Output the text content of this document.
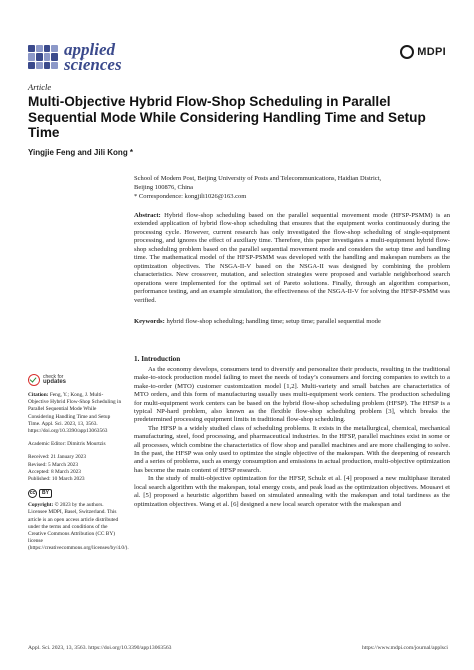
applied
sciences
MDPI
Article
Multi-Objective Hybrid Flow-Shop Scheduling in Parallel Sequential Mode While Considering Handling Time and Setup Time
Yingjie Feng and Jili Kong *
School of Modern Post, Beijing University of Posts and Telecommunications, Haidian District,
Beijing 100876, China
* Correspondence: kongjili1026@163.com
Abstract: Hybrid flow-shop scheduling based on the parallel sequential movement mode (HFSP-PSMM) is an extended application of hybrid flow-shop scheduling that ensures that the equipment works continuously during the processing cycle. However, current research has only investigated the flow-shop scheduling of single-equipment processing, and ignores the effect of auxiliary time. Therefore, this paper investigates a multi-equipment hybrid flow-shop scheduling problem based on the parallel sequential movement mode and considers the setup time and handling time. The mathematical model of the HFSP-PSMM was developed with the handling and makespan numbers as the optimization objectives. The NSGA-II-V based on the NSGA-II was designed by combining the problem characteristics. New crossover, mutation, and selection strategies were proposed and variable neighborhood search operations were implemented for the optimal set of Pareto solutions. Finally, through an algorithm comparison, performance testing, and an example simulation, the effectiveness of the NSGA-II-V for solving the HFSP-PSMM was verified.
Keywords: hybrid flow-shop scheduling; handling time; setup time; parallel sequential mode
1. Introduction

As the economy develops, consumers tend to diversify and personalize their products, resulting in the traditional make-to-stock production model failing to meet the needs of today’s consumers and forcing companies to switch to a make-to-order (MTO) customer customization model [1,2]. Multi-variety and small batches are characteristics of MTO orders, and this form of manufacturing usually uses multi-equipment work centers. The production scheduling for multi-equipment work centers can be based on the hybrid flow-shop scheduling problem (HFSP). The HFSP is a typical NP-hard problem, also known as the flexible flow-shop scheduling problem [3], which breaks the predetermined processing equipment limits in traditional flow-shop scheduling.

The HFSP is a widely studied class of scheduling problems. It exists in the metallurgical, chemical, mechanical manufacturing, steel, food processing, and pharmaceutical industries. In the HFSP, parallel machines exist in some or all processes, which combine the characteristics of flow shop and parallel machines and are more challenging to solve. In the past, the HFSP was only used to optimize the single objective of the makespan. With the deepening of research and a series of problems, such as energy consumption and emissions in actual production, multi-objective optimization has become the main content of HFSP research.

In the study of multi-objective optimization for the HFSP, Schulz et al. [4] proposed a new multiphase iterated local search algorithm with the makespan, total energy costs, and peak load as the optimization objectives. Mousavi et al. [5] proposed a heuristic algorithm based on simulated annealing with the makespan and total tardiness as the optimization objectives. Wang et al. [6] designed a new local search operator with the makespan and

check for
updates
Citation: Feng, Y.; Kong, J. Multi-Objective Hybrid Flow-Shop Scheduling in Parallel Sequential Mode While Considering Handling Time and Setup Time. Appl. Sci. 2023, 13, 3563. https://doi.org/10.3390/app13063563
Academic Editor: Dimitris Mourtzis
Received: 21 January 2023
Revised: 5 March 2023
Accepted: 8 March 2023
Published: 10 March 2023
cc	BY
Copyright: © 2023 by the authors. Licensee MDPI, Basel, Switzerland. This article is an open access article distributed under the terms and conditions of the Creative Commons Attribution (CC BY) license (https://creativecommons.org/licenses/by/4.0/).
Appl. Sci. 2023, 13, 3563. https://doi.org/10.3390/app13063563	https://www.mdpi.com/journal/applsci
